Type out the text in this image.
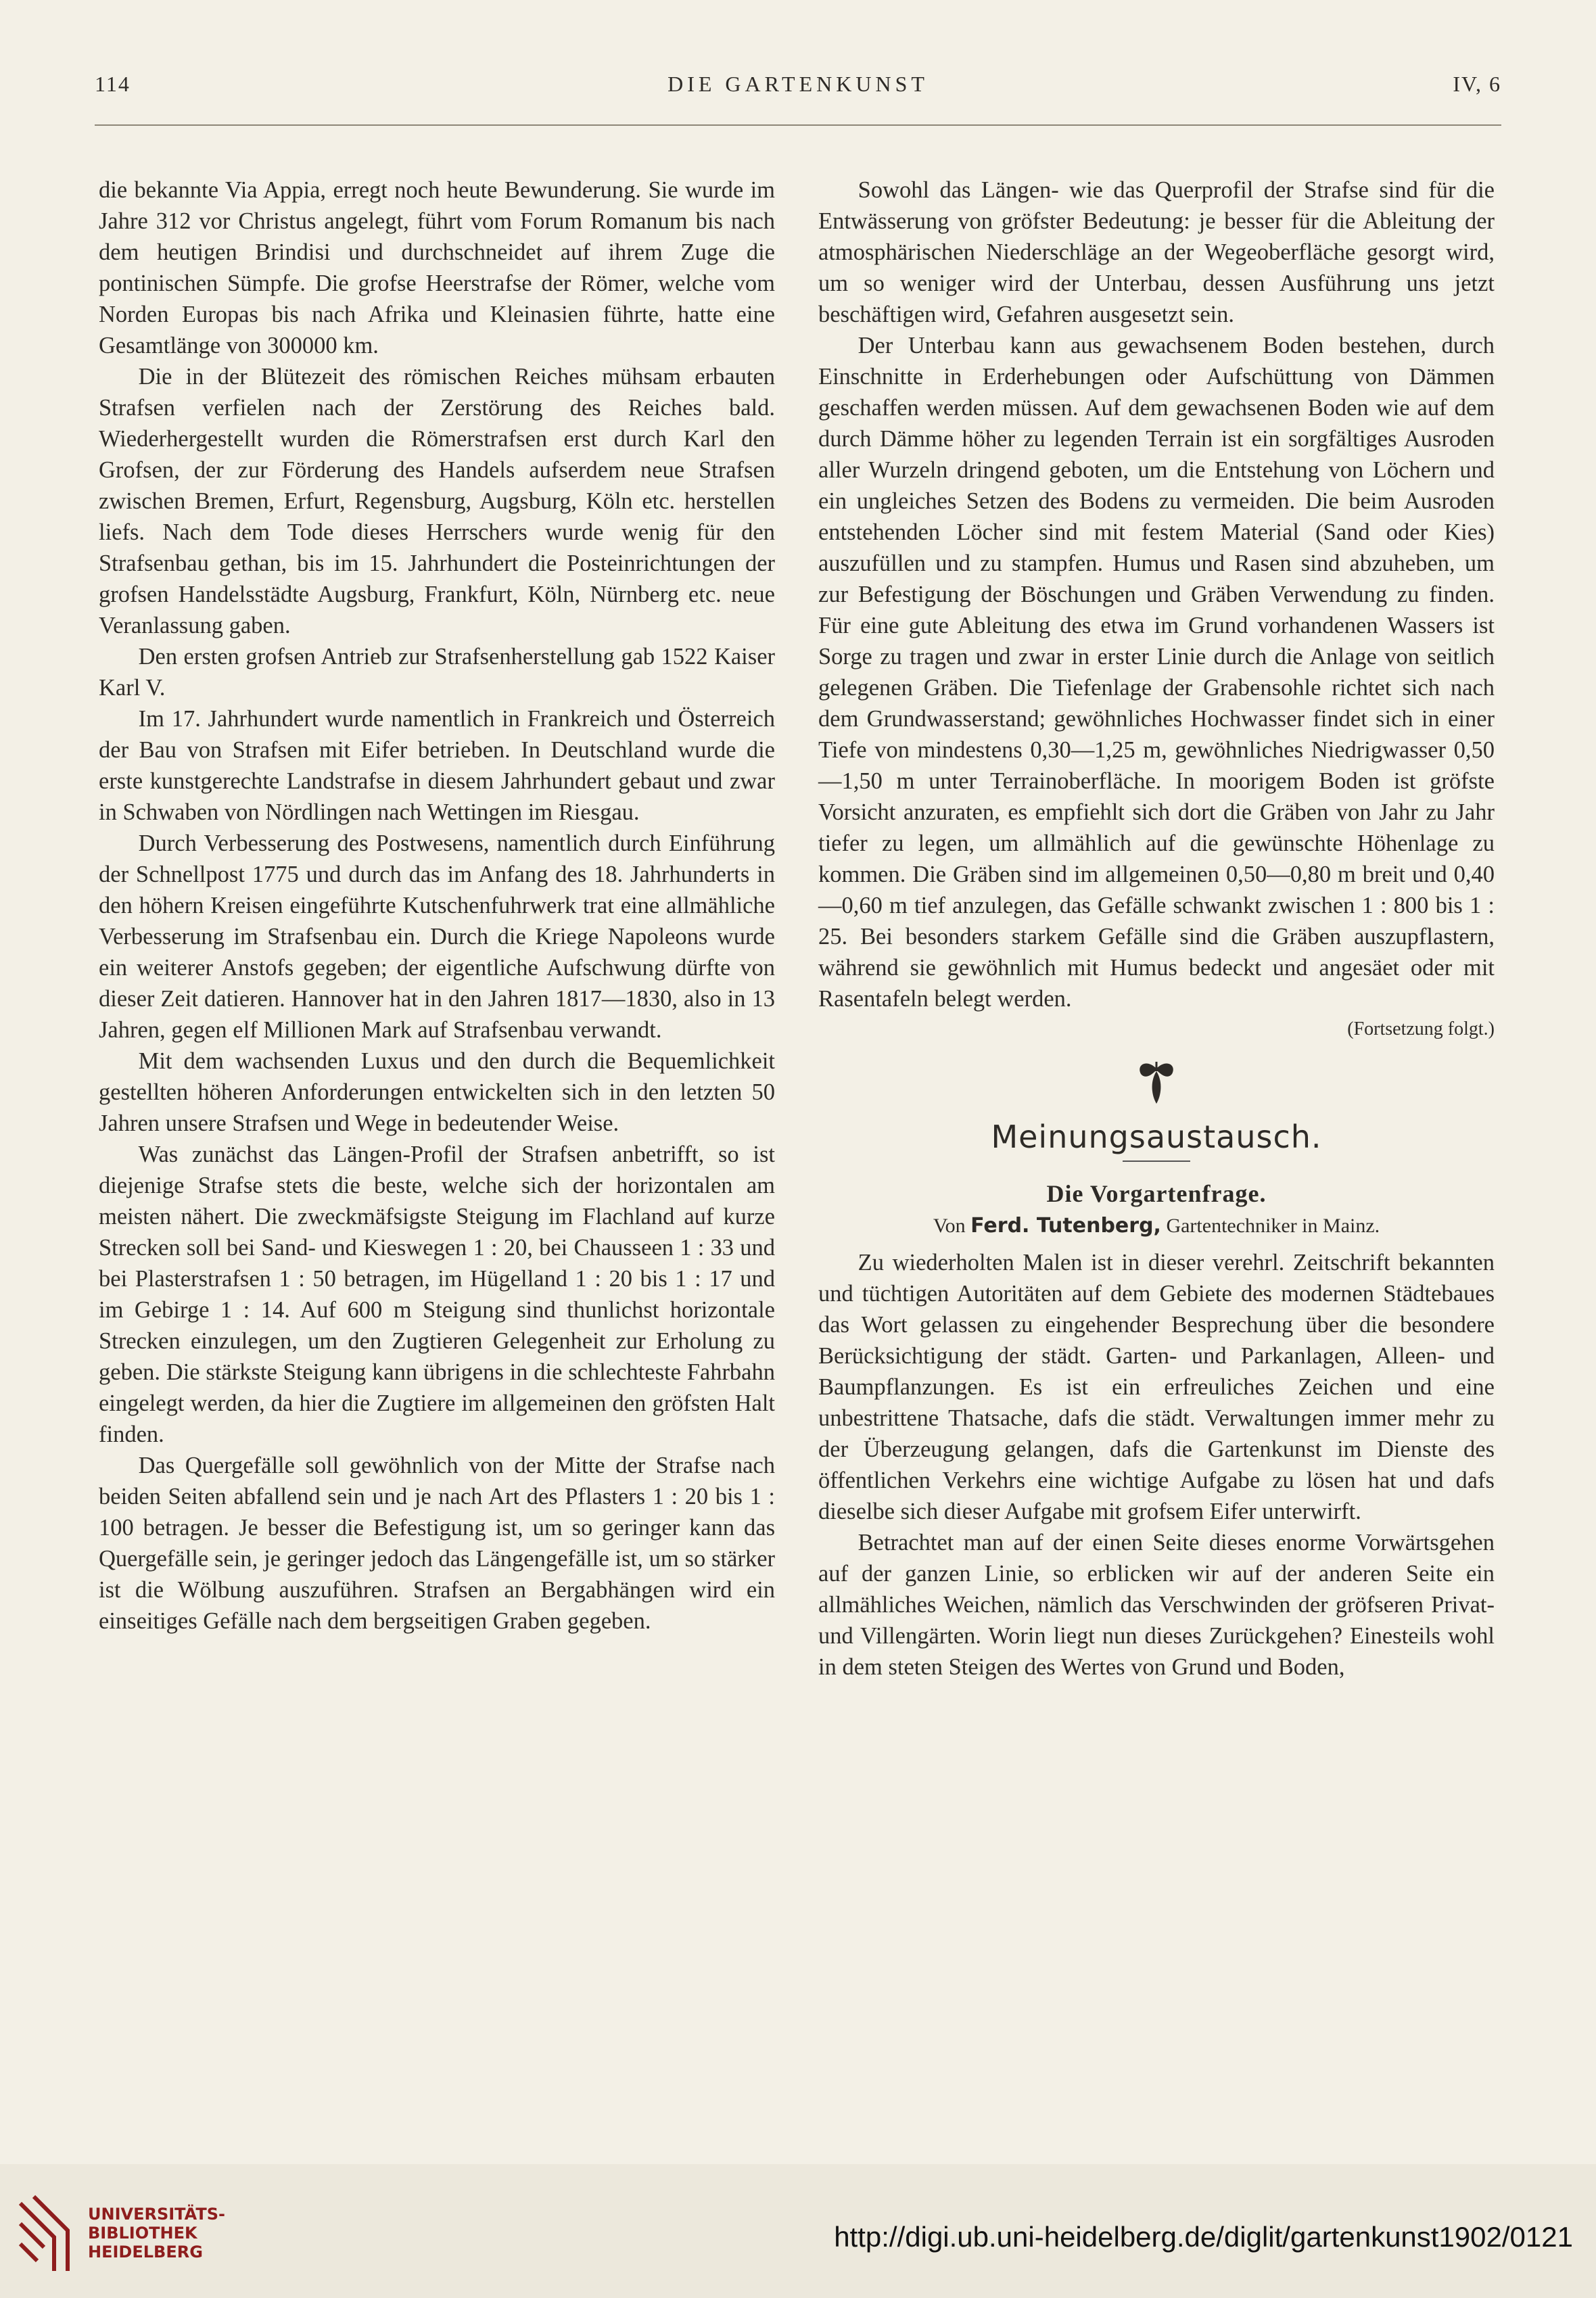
114	DIE GARTENKUNST	IV, 6

die bekannte Via Appia, erregt noch heute Bewunderung. Sie wurde im Jahre 312 vor Christus angelegt, führt vom Forum Romanum bis nach dem heutigen Brindisi und durchschneidet auf ihrem Zuge die pontinischen Sümpfe. Die grofse Heerstrafse der Römer, welche vom Norden Europas bis nach Afrika und Kleinasien führte, hatte eine Gesamtlänge von 300000 km.

Die in der Blütezeit des römischen Reiches mühsam erbauten Strafsen verfielen nach der Zerstörung des Reiches bald. Wiederhergestellt wurden die Römerstrafsen erst durch Karl den Grofsen, der zur Förderung des Handels aufserdem neue Strafsen zwischen Bremen, Erfurt, Regensburg, Augsburg, Köln etc. herstellen liefs. Nach dem Tode dieses Herrschers wurde wenig für den Strafsenbau gethan, bis im 15. Jahrhundert die Posteinrichtungen der grofsen Handelsstädte Augsburg, Frankfurt, Köln, Nürnberg etc. neue Veranlassung gaben.

Den ersten grofsen Antrieb zur Strafsenherstellung gab 1522 Kaiser Karl V.

Im 17. Jahrhundert wurde namentlich in Frankreich und Österreich der Bau von Strafsen mit Eifer betrieben. In Deutschland wurde die erste kunstgerechte Landstrafse in diesem Jahrhundert gebaut und zwar in Schwaben von Nördlingen nach Wettingen im Riesgau.

Durch Verbesserung des Postwesens, namentlich durch Einführung der Schnellpost 1775 und durch das im Anfang des 18. Jahrhunderts in den höhern Kreisen eingeführte Kutschenfuhrwerk trat eine allmähliche Verbesserung im Strafsenbau ein. Durch die Kriege Napoleons wurde ein weiterer Anstofs gegeben; der eigentliche Aufschwung dürfte von dieser Zeit datieren. Hannover hat in den Jahren 1817—1830, also in 13 Jahren, gegen elf Millionen Mark auf Strafsenbau verwandt.

Mit dem wachsenden Luxus und den durch die Bequemlichkeit gestellten höheren Anforderungen entwickelten sich in den letzten 50 Jahren unsere Strafsen und Wege in bedeutender Weise.

Was zunächst das Längen-Profil der Strafsen anbetrifft, so ist diejenige Strafse stets die beste, welche sich der horizontalen am meisten nähert. Die zweckmäfsigste Steigung im Flachland auf kurze Strecken soll bei Sand- und Kieswegen 1 : 20, bei Chausseen 1 : 33 und bei Plasterstrafsen 1 : 50 betragen, im Hügelland 1 : 20 bis 1 : 17 und im Gebirge 1 : 14. Auf 600 m Steigung sind thunlichst horizontale Strecken einzulegen, um den Zugtieren Gelegenheit zur Erholung zu geben. Die stärkste Steigung kann übrigens in die schlechteste Fahrbahn eingelegt werden, da hier die Zugtiere im allgemeinen den gröfsten Halt finden.

Das Quergefälle soll gewöhnlich von der Mitte der Strafse nach beiden Seiten abfallend sein und je nach Art des Pflasters 1 : 20 bis 1 : 100 betragen. Je besser die Befestigung ist, um so geringer kann das Quergefälle sein, je geringer jedoch das Längengefälle ist, um so stärker ist die Wölbung auszuführen. Strafsen an Bergabhängen wird ein einseitiges Gefälle nach dem bergseitigen Graben gegeben.

Sowohl das Längen- wie das Querprofil der Strafse sind für die Entwässerung von gröfster Bedeutung: je besser für die Ableitung der atmosphärischen Niederschläge an der Wegeoberfläche gesorgt wird, um so weniger wird der Unterbau, dessen Ausführung uns jetzt beschäftigen wird, Gefahren ausgesetzt sein.

Der Unterbau kann aus gewachsenem Boden bestehen, durch Einschnitte in Erderhebungen oder Aufschüttung von Dämmen geschaffen werden müssen. Auf dem gewachsenen Boden wie auf dem durch Dämme höher zu legenden Terrain ist ein sorgfältiges Ausroden aller Wurzeln dringend geboten, um die Entstehung von Löchern und ein ungleiches Setzen des Bodens zu vermeiden. Die beim Ausroden entstehenden Löcher sind mit festem Material (Sand oder Kies) auszufüllen und zu stampfen. Humus und Rasen sind abzuheben, um zur Befestigung der Böschungen und Gräben Verwendung zu finden. Für eine gute Ableitung des etwa im Grund vorhandenen Wassers ist Sorge zu tragen und zwar in erster Linie durch die Anlage von seitlich gelegenen Gräben. Die Tiefenlage der Grabensohle richtet sich nach dem Grundwasserstand; gewöhnliches Hochwasser findet sich in einer Tiefe von mindestens 0,30—1,25 m, gewöhnliches Niedrigwasser 0,50—1,50 m unter Terrainoberfläche. In moorigem Boden ist gröfste Vorsicht anzuraten, es empfiehlt sich dort die Gräben von Jahr zu Jahr tiefer zu legen, um allmählich auf die gewünschte Höhenlage zu kommen. Die Gräben sind im allgemeinen 0,50—0,80 m breit und 0,40—0,60 m tief anzulegen, das Gefälle schwankt zwischen 1 : 800 bis 1 : 25. Bei besonders starkem Gefälle sind die Gräben auszupflastern, während sie gewöhnlich mit Humus bedeckt und angesäet oder mit Rasentafeln belegt werden.

(Fortsetzung folgt.)
Meinungsaustausch.
Die Vorgartenfrage.
Von Ferd. Tutenberg, Gartentechniker in Mainz.

Zu wiederholten Malen ist in dieser verehrl. Zeitschrift bekannten und tüchtigen Autoritäten auf dem Gebiete des modernen Städtebaues das Wort gelassen zu eingehender Besprechung über die besondere Berücksichtigung der städt. Garten- und Parkanlagen, Alleen- und Baumpflanzungen. Es ist ein erfreuliches Zeichen und eine unbestrittene Thatsache, dafs die städt. Verwaltungen immer mehr zu der Überzeugung gelangen, dafs die Gartenkunst im Dienste des öffentlichen Verkehrs eine wichtige Aufgabe zu lösen hat und dafs dieselbe sich dieser Aufgabe mit grofsem Eifer unterwirft.

Betrachtet man auf der einen Seite dieses enorme Vorwärtsgehen auf der ganzen Linie, so erblicken wir auf der anderen Seite ein allmähliches Weichen, nämlich das Verschwinden der gröfseren Privat- und Villengärten. Worin liegt nun dieses Zurückgehen? Einesteils wohl in dem steten Steigen des Wertes von Grund und Boden,

UNIVERSITÄTS-
BIBLIOTHEK
HEIDELBERG	http://digi.ub.uni-heidelberg.de/diglit/gartenkunst1902/0121
